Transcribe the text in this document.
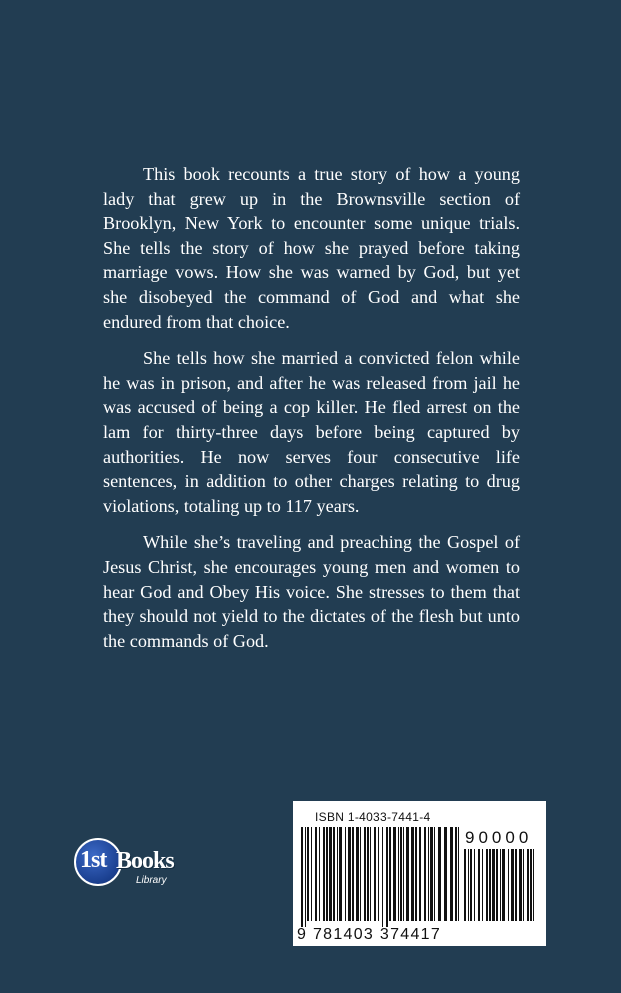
This book recounts a true story of how a young lady that grew up in the Brownsville section of Brooklyn, New York to encounter some unique trials. She tells the story of how she prayed before taking marriage vows. How she was warned by God, but yet she disobeyed the command of God and what she endured from that choice.

She tells how she married a convicted felon while he was in prison, and after he was released from jail he was accused of being a cop killer. He fled arrest on the lam for thirty-three days before being captured by authorities. He now serves four consecutive life sentences, in addition to other charges relating to drug violations, totaling up to 117 years.

While she’s traveling and preaching the Gospel of Jesus Christ, she encourages young men and women to hear God and Obey His voice. She stresses to them that they should not yield to the dictates of the flesh but unto the commands of God.

1st Books
Library
ISBN 1-4033-7441-4
90000
9 781403 374417
